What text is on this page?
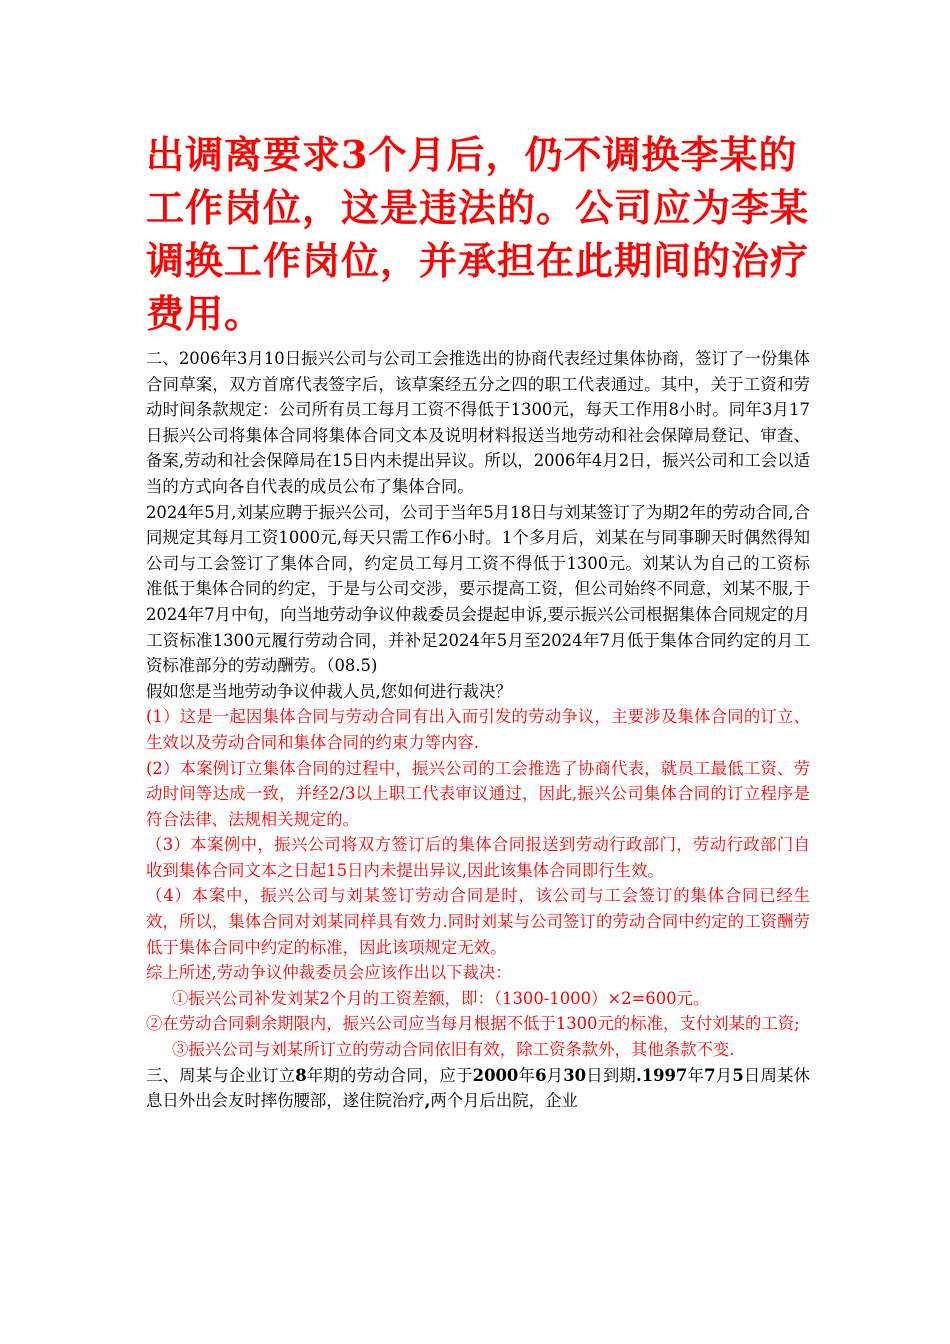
出调离要求3个月后，仍不调换李某的工作岗位，这是违法的。公司应为李某调换工作岗位，并承担在此期间的治疗费用。

二、2006年3月10日振兴公司与公司工会推选出的协商代表经过集体协商，签订了一份集体合同草案，双方首席代表签字后，该草案经五分之四的职工代表通过。其中，关于工资和劳动时间条款规定：公司所有员工每月工资不得低于1300元，每天工作用8小时。同年3月17日振兴公司将集体合同将集体合同文本及说明材料报送当地劳动和社会保障局登记、审查、备案,劳动和社会保障局在15日内未提出异议。所以，2006年4月2日，振兴公司和工会以适当的方式向各自代表的成员公布了集体合同。

2024年5月,刘某应聘于振兴公司，公司于当年5月18日与刘某签订了为期2年的劳动合同,合同规定其每月工资1000元,每天只需工作6小时。1个多月后，刘某在与同事聊天时偶然得知公司与工会签订了集体合同，约定员工每月工资不得低于1300元。刘某认为自己的工资标准低于集体合同的约定，于是与公司交涉，要示提高工资，但公司始终不同意，刘某不服,于2024年7月中旬，向当地劳动争议仲裁委员会提起申诉,要示振兴公司根据集体合同规定的月工资标准1300元履行劳动合同，并补足2024年5月至2024年7月低于集体合同约定的月工资标准部分的劳动酬劳。（08.5)

假如您是当地劳动争议仲裁人员,您如何进行裁决？

(1）这是一起因集体合同与劳动合同有出入而引发的劳动争议，主要涉及集体合同的订立、生效以及劳动合同和集体合同的约束力等内容.

(2）本案例订立集体合同的过程中，振兴公司的工会推选了协商代表，就员工最低工资、劳动时间等达成一致，并经2/3以上职工代表审议通过，因此,振兴公司集体合同的订立程序是符合法律、法规相关规定的。

（3）本案例中，振兴公司将双方签订后的集体合同报送到劳动行政部门，劳动行政部门自收到集体合同文本之日起15日内未提出异议,因此该集体合同即行生效。

（4）本案中，振兴公司与刘某签订劳动合同是时，该公司与工会签订的集体合同已经生效，所以，集体合同对刘某同样具有效力.同时刘某与公司签订的劳动合同中约定的工资酬劳低于集体合同中约定的标准，因此该项规定无效。

综上所述,劳动争议仲裁委员会应该作出以下裁决：

①振兴公司补发刘某2个月的工资差额，即：（1300-1000）×2=600元。

②在劳动合同剩余期限内，振兴公司应当每月根据不低于1300元的标准，支付刘某的工资;

③振兴公司与刘某所订立的劳动合同依旧有效，除工资条款外，其他条款不变.

三、周某与企业订立8年期的劳动合同，应于2000年6月30日到期.1997年7月5日周某休息日外出会友时摔伤腰部，遂住院治疗,两个月后出院，企业
